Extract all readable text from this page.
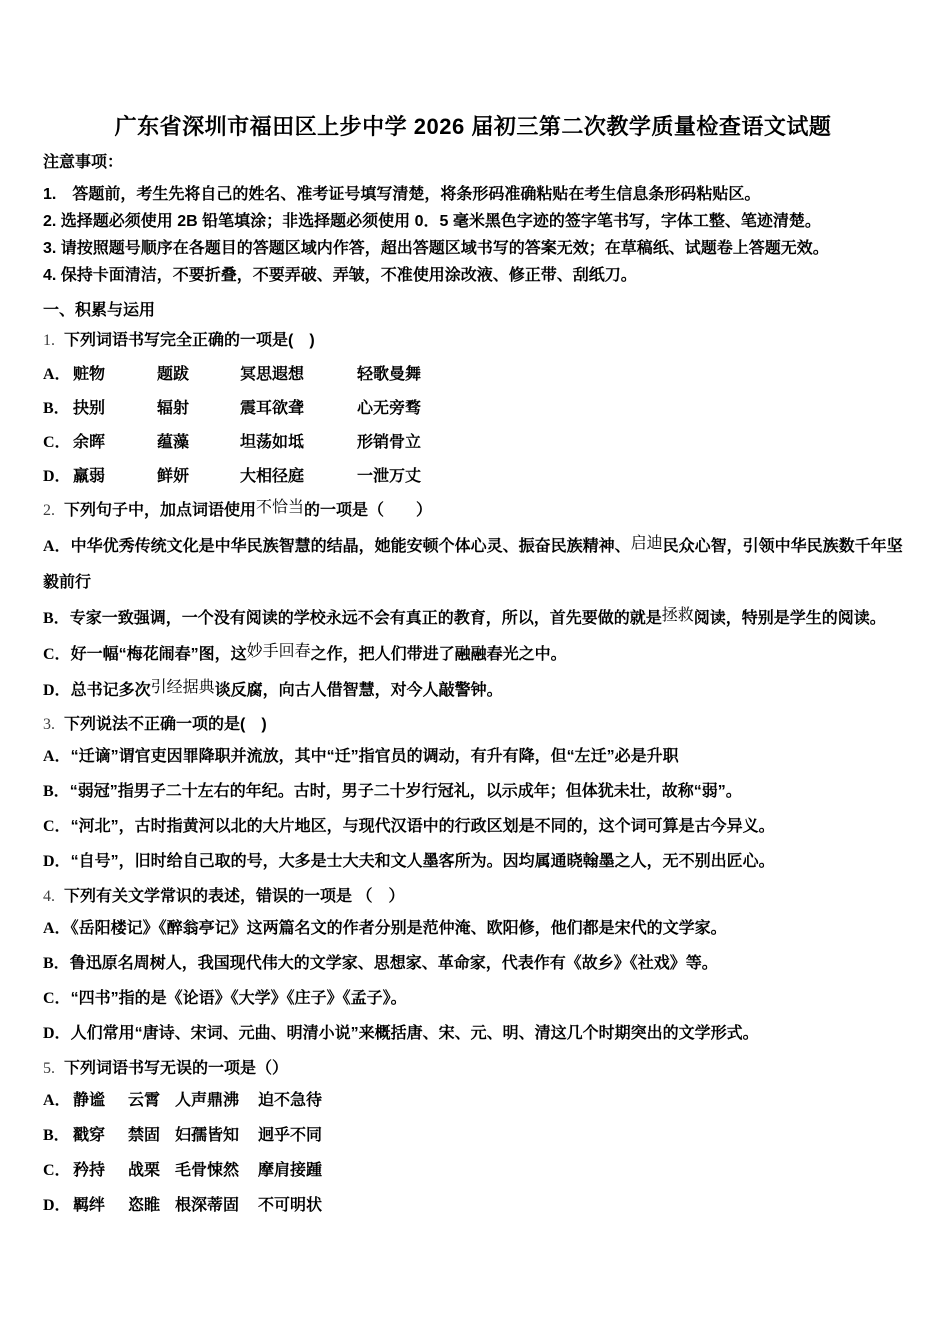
广东省深圳市福田区上步中学 2026 届初三第二次教学质量检查语文试题
注意事项：
1.　答题前，考生先将自己的姓名、准考证号填写清楚，将条形码准确粘贴在考生信息条形码粘贴区。
2. 选择题必须使用 2B 铅笔填涂；非选择题必须使用 0．5 毫米黑色字迹的签字笔书写，字体工整、笔迹清楚。
3. 请按照题号顺序在各题目的答题区域内作答，超出答题区域书写的答案无效；在草稿纸、试题卷上答题无效。
4. 保持卡面清洁，不要折叠，不要弄破、弄皱，不准使用涂改液、修正带、刮纸刀。
一、积累与运用
1. 下列词语书写完全正确的一项是(　)
A． 赃物	题跋	冥思遐想	轻歌曼舞
B． 抉别	辐射	震耳欲聋	心无旁骛
C． 余晖	蕴藻	坦荡如坻	形销骨立
D． 羸弱	鲜妍	大相径庭	一泄万丈
2. 下列句子中，加点词语使用不恰当的一项是（　　）

A．中华优秀传统文化是中华民族智慧的结晶，她能安顿个体心灵、振奋民族精神、启迪民众心智，引领中华民族数千年坚毅前行

B．专家一致强调，一个没有阅读的学校永远不会有真正的教育，所以，首先要做的就是拯救阅读，特别是学生的阅读。

C．好一幅“梅花闹春”图，这妙手回春之作，把人们带进了融融春光之中。

D．总书记多次引经据典谈反腐，向古人借智慧，对今人敲警钟。

3. 下列说法不正确一项的是(　)
A．“迁谪”谓官吏因罪降职并流放，其中“迁”指官员的调动，有升有降，但“左迁”必是升职
B．“弱冠”指男子二十左右的年纪。古时，男子二十岁行冠礼，以示成年；但体犹未壮，故称“弱”。
C．“河北”，古时指黄河以北的大片地区，与现代汉语中的行政区划是不同的，这个词可算是古今异义。
D．“自号”，旧时给自己取的号，大多是士大夫和文人墨客所为。因均属通晓翰墨之人，无不别出匠心。
4. 下列有关文学常识的表述，错误的一项是 （　）
A．《岳阳楼记》《醉翁亭记》这两篇名文的作者分别是范仲淹、欧阳修，他们都是宋代的文学家。
B．鲁迅原名周树人，我国现代伟大的文学家、思想家、革命家，代表作有《故乡》《社戏》等。
C．“四书”指的是《论语》《大学》《庄子》《孟子》。
D．人们常用“唐诗、宋词、元曲、明清小说”来概括唐、宋、元、明、清这几个时期突出的文学形式。
5. 下列词语书写无误的一项是（）
A． 静谧 云霄 人声鼎沸 迫不急待
B． 戳穿 禁固 妇孺皆知 迥乎不同
C． 矜持 战栗 毛骨悚然 摩肩接踵
D． 羁绊 恣睢 根深蒂固 不可明状
